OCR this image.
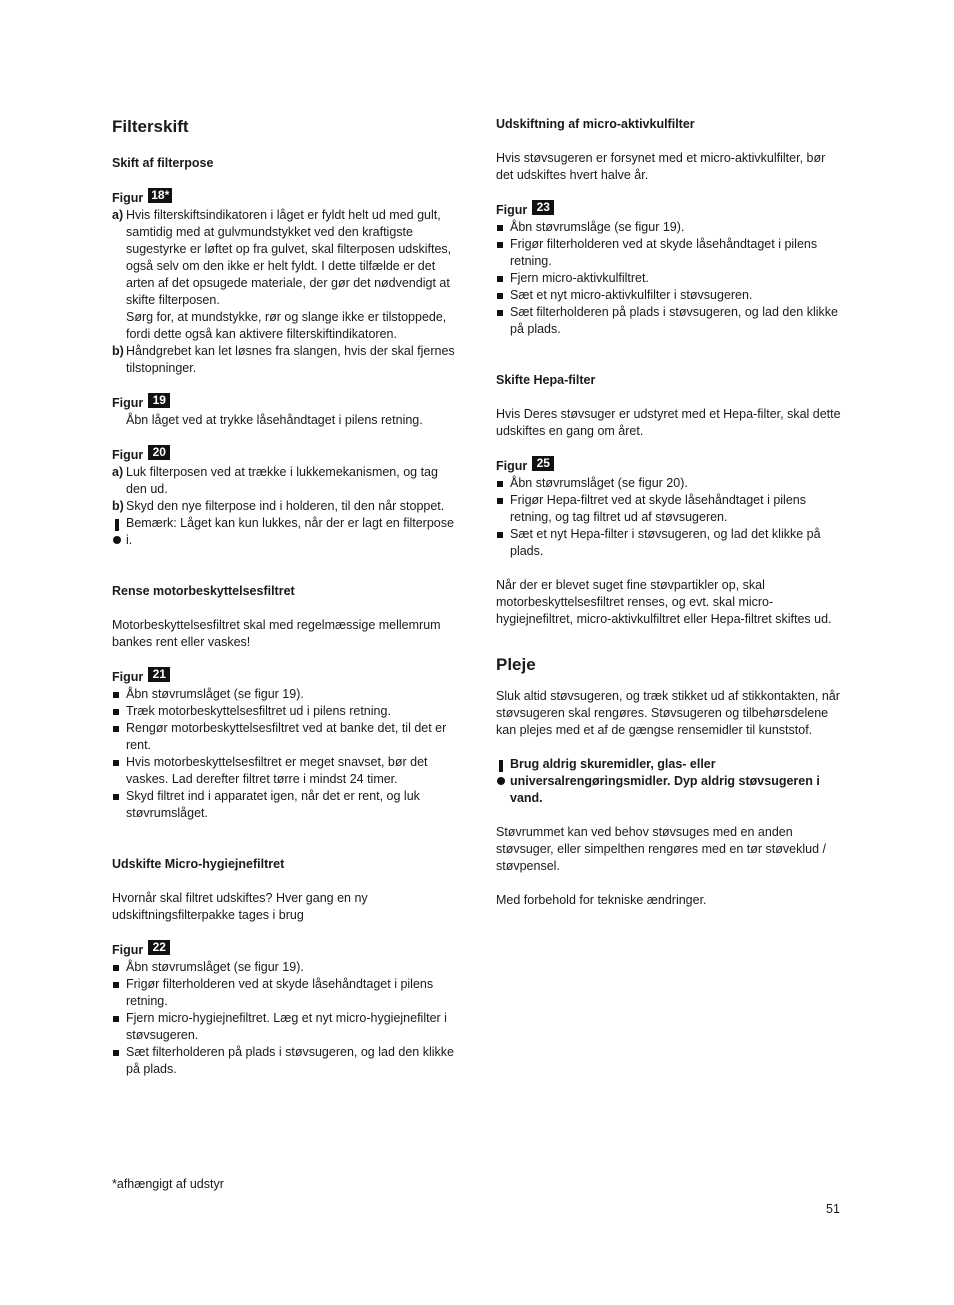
Filterskift
Skift af filterpose
Figur 18*
a) Hvis filterskiftsindikatoren i låget er fyldt helt ud med gult, samtidig med at gulvmundstykket ved den kraftigste sugestyrke er løftet op fra gulvet, skal filterposen udskiftes, også selv om den ikke er helt fyldt. I dette tilfælde er det arten af det opsugede materiale, der gør det nødvendigt at skifte filterposen.

Sørg for, at mundstykke, rør og slange ikke er tilstoppede, fordi dette også kan aktivere filterskiftindikatoren.

b) Håndgrebet kan let løsnes fra slangen, hvis der skal fjernes tilstopninger.

Figur 19

Åbn låget ved at trykke låsehåndtaget i pilens retning.

Figur 20
a) Luk filterposen ved at trække i lukkemekanismen, og tag den ud.

b) Skyd den nye filterpose ind i holderen, til den når stoppet.

Bemærk: Låget kan kun lukkes, når der er lagt en filterpose i.

Rense motorbeskyttelsesfiltret

Motorbeskyttelsesfiltret skal med regelmæssige mellemrum bankes rent eller vaskes!

Figur 21

Åbn støvrumslåget (se figur 19).

Træk motorbeskyttelsesfiltret ud i pilens retning.

Rengør motorbeskyttelsesfiltret ved at banke det, til det er rent.

Hvis motorbeskyttelsesfiltret er meget snavset, bør det vaskes. Lad derefter filtret tørre i mindst 24 timer.

Skyd filtret ind i apparatet igen, når det er rent, og luk støvrumslåget.

Udskifte Micro-hygiejnefiltret

Hvornår skal filtret udskiftes? Hver gang en ny udskiftningsfilterpakke tages i brug

Figur 22

Åbn støvrumslåget (se figur 19).

Frigør filterholderen ved at skyde låsehåndtaget i pilens retning.

Fjern micro-hygiejnefiltret. Læg et nyt micro-hygiejnefilter i støvsugeren.

Sæt filterholderen på plads i støvsugeren, og lad den klikke på plads.

Udskiftning af micro-aktivkulfilter

Hvis støvsugeren er forsynet med et micro-aktivkulfilter, bør det udskiftes hvert halve år.

Figur 23

Åbn støvrumslåge (se figur 19).

Frigør filterholderen ved at skyde låsehåndtaget i pilens retning.

Fjern micro-aktivkulfiltret.

Sæt et nyt micro-aktivkulfilter i støvsugeren.

Sæt filterholderen på plads i støvsugeren, og lad den klikke på plads.

Skifte Hepa-filter

Hvis Deres støvsuger er udstyret med et Hepa-filter, skal dette udskiftes en gang om året.

Figur 25

Åbn støvrumslåget (se figur 20).

Frigør Hepa-filtret ved at skyde låsehåndtaget i pilens retning, og tag filtret ud af støvsugeren.

Sæt et nyt Hepa-filter i støvsugeren, og lad det klikke på plads.

Når der er blevet suget fine støvpartikler op, skal motorbeskyttelsesfiltret renses, og evt. skal micro-hygiejnefiltret, micro-aktivkulfiltret eller Hepa-filtret skiftes ud.

Pleje

Sluk altid støvsugeren, og træk stikket ud af stikkontakten, når støvsugeren skal rengøres. Støvsugeren og tilbehørsdelene kan plejes med et af de gængse rensemidler til kunststof.

Brug aldrig skuremidler, glas- eller universalrengøringsmidler. Dyp aldrig støvsugeren i vand.

Støvrummet kan ved behov støvsuges med en anden støvsuger, eller simpelthen rengøres med en tør støveklud / støvpensel.

Med forbehold for tekniske ændringer.

*afhængigt af udstyr
51
